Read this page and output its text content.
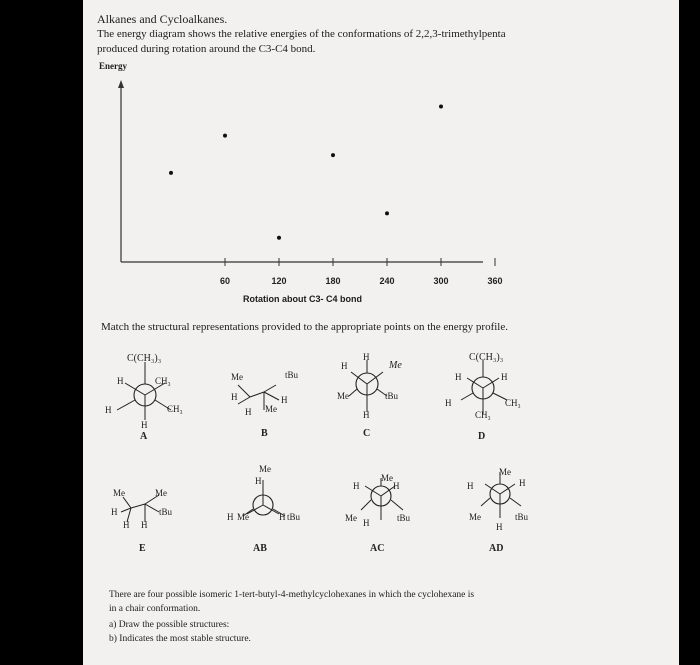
Alkanes and Cycloalkanes.
The energy diagram shows the relative energies of the conformations of 2,2,3-trimethylpenta
produced during rotation around the C3-C4 bond.
Energy
60	120	180	240	300	360
Rotation about C3- C4 bond
Match the structural representations provided to the appropriate points on the energy profile.
C(CH₃)₃
H	CH₃
H	CH₃
H
A
Me	tBu
H	H
H Me
B
H
H
Me
Me	tBu
H
C
C(CH₃)₃
H	H
H	CH₃
CH₃
D
Me	Me
H	tBu
H H
E
Me
H
H Me	H tBu
AB
H
Me
H
Me H	tBu
AC
H
Me
H
Me	tBu
H
AD
There are four possible isomeric 1-tert-butyl-4-methylcyclohexanes in which the cyclohexane is
in a chair conformation.
a) Draw the possible structures:
b) Indicates the most stable structure.
